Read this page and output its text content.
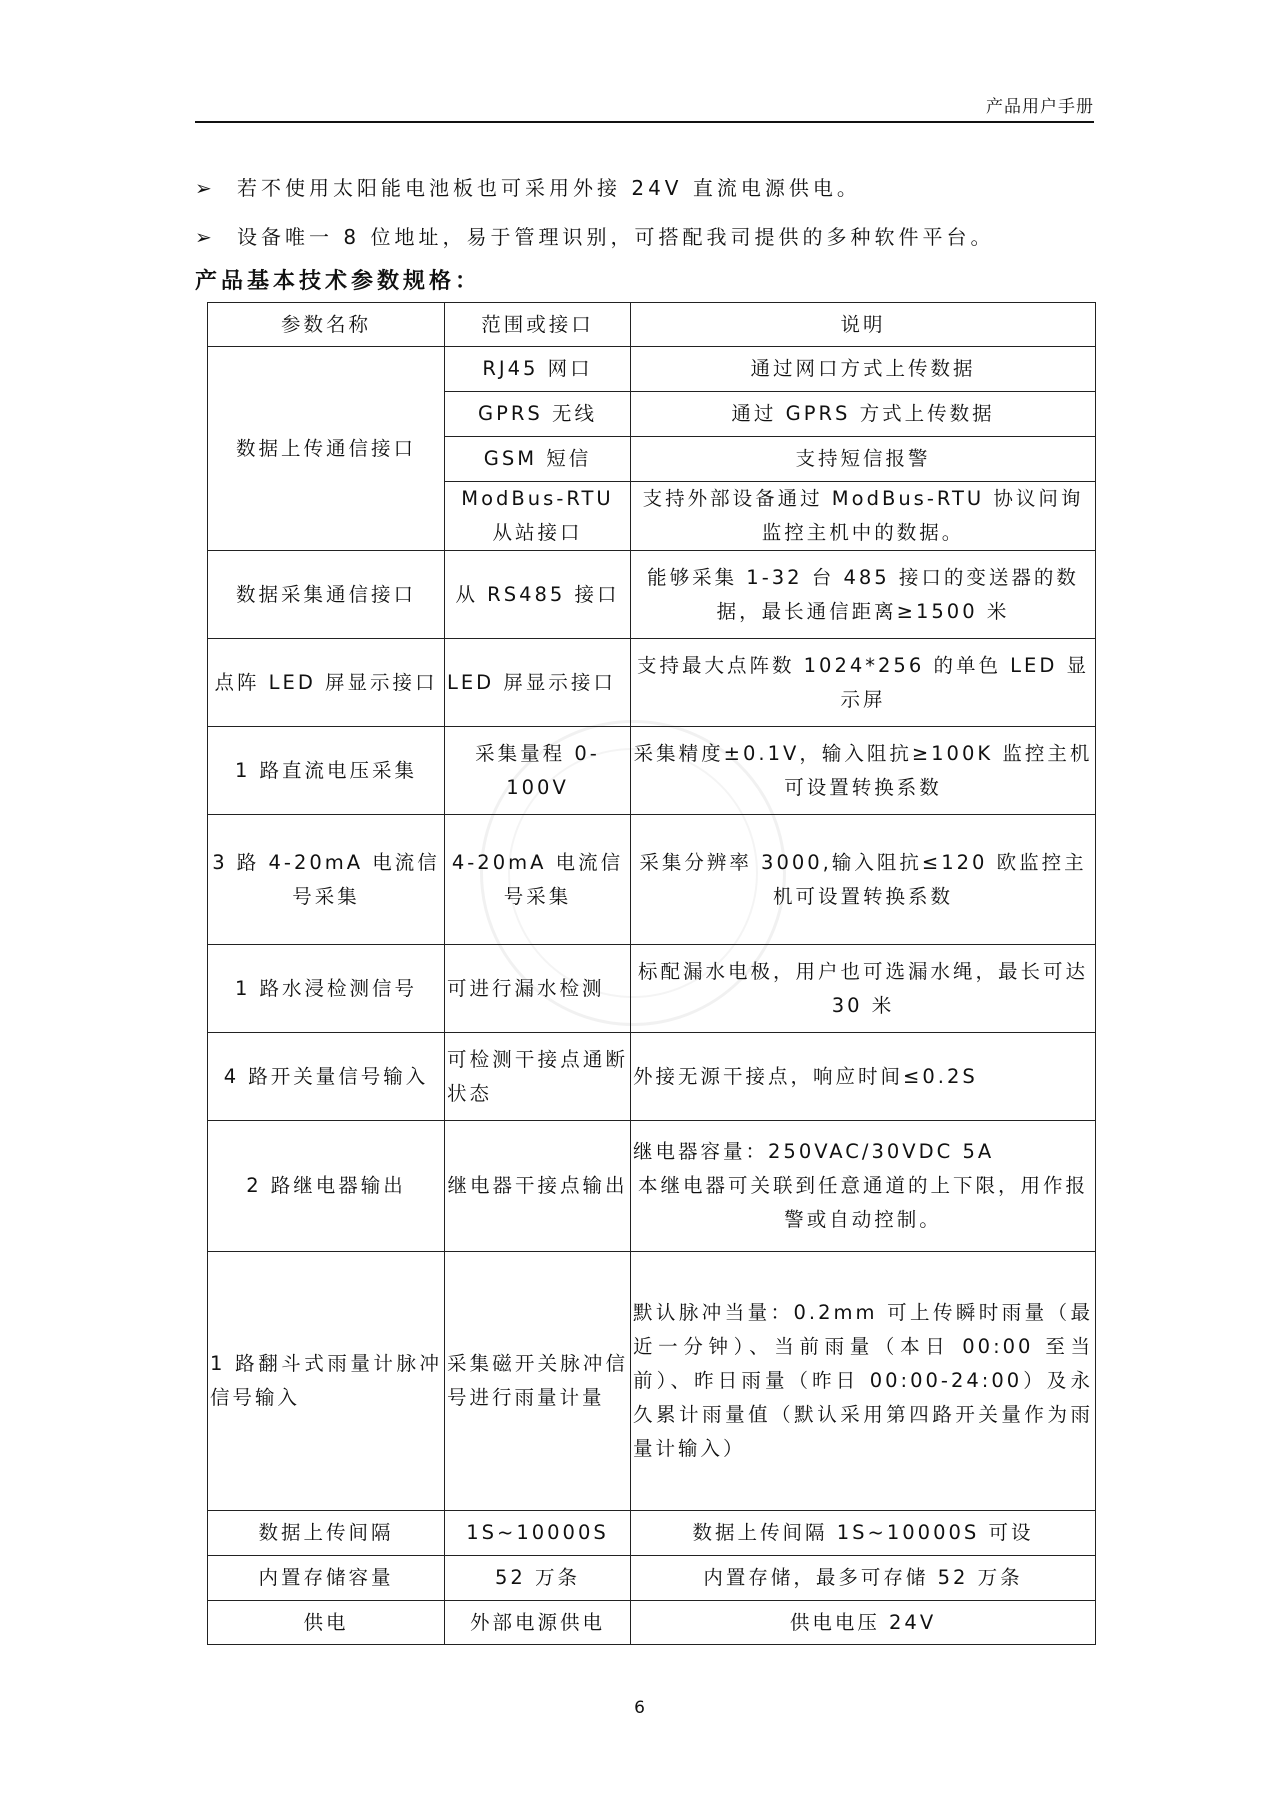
产品用户手册
➢ 若不使用太阳能电池板也可采用外接 24V 直流电源供电。
➢ 设备唯一 8 位地址，易于管理识别，可搭配我司提供的多种软件平台。
产品基本技术参数规格：
参数名称	范围或接口	说明
数据上传通信接口	RJ45 网口	通过网口方式上传数据
	GPRS 无线	通过 GPRS 方式上传数据
	GSM 短信	支持短信报警
	ModBus-RTU 从站接口	支持外部设备通过 ModBus-RTU 协议问询监控主机中的数据。
数据采集通信接口	从 RS485 接口	能够采集 1-32 台 485 接口的变送器的数据，最长通信距离≥1500 米
点阵 LED 屏显示接口	LED 屏显示接口	支持最大点阵数 1024*256 的单色 LED 显示屏
1 路直流电压采集	采集量程 0-100V	采集精度±0.1V，输入阻抗≥100K 监控主机可设置转换系数
3 路 4-20mA 电流信号采集	4-20mA 电流信号采集	采集分辨率 3000,输入阻抗≤120 欧监控主机可设置转换系数
1 路水浸检测信号	可进行漏水检测	标配漏水电极，用户也可选漏水绳，最长可达 30 米
4 路开关量信号输入	可检测干接点通断状态	外接无源干接点，响应时间≤0.2S
2 路继电器输出	继电器干接点输出	继电器容量：250VAC/30VDC 5A
本继电器可关联到任意通道的上下限，用作报警或自动控制。

1 路翻斗式雨量计脉冲信号输入	采集磁开关脉冲信号进行雨量计量	默认脉冲当量：0.2mm 可上传瞬时雨量（最近一分钟）、当前雨量（本日 00:00 至当前）、昨日雨量（昨日 00:00-24:00）及永久累计雨量值（默认采用第四路开关量作为雨量计输入）
数据上传间隔	1S~10000S	数据上传间隔 1S~10000S 可设
内置存储容量	52 万条	内置存储，最多可存储 52 万条
供电	外部电源供电	供电电压 24V
6
